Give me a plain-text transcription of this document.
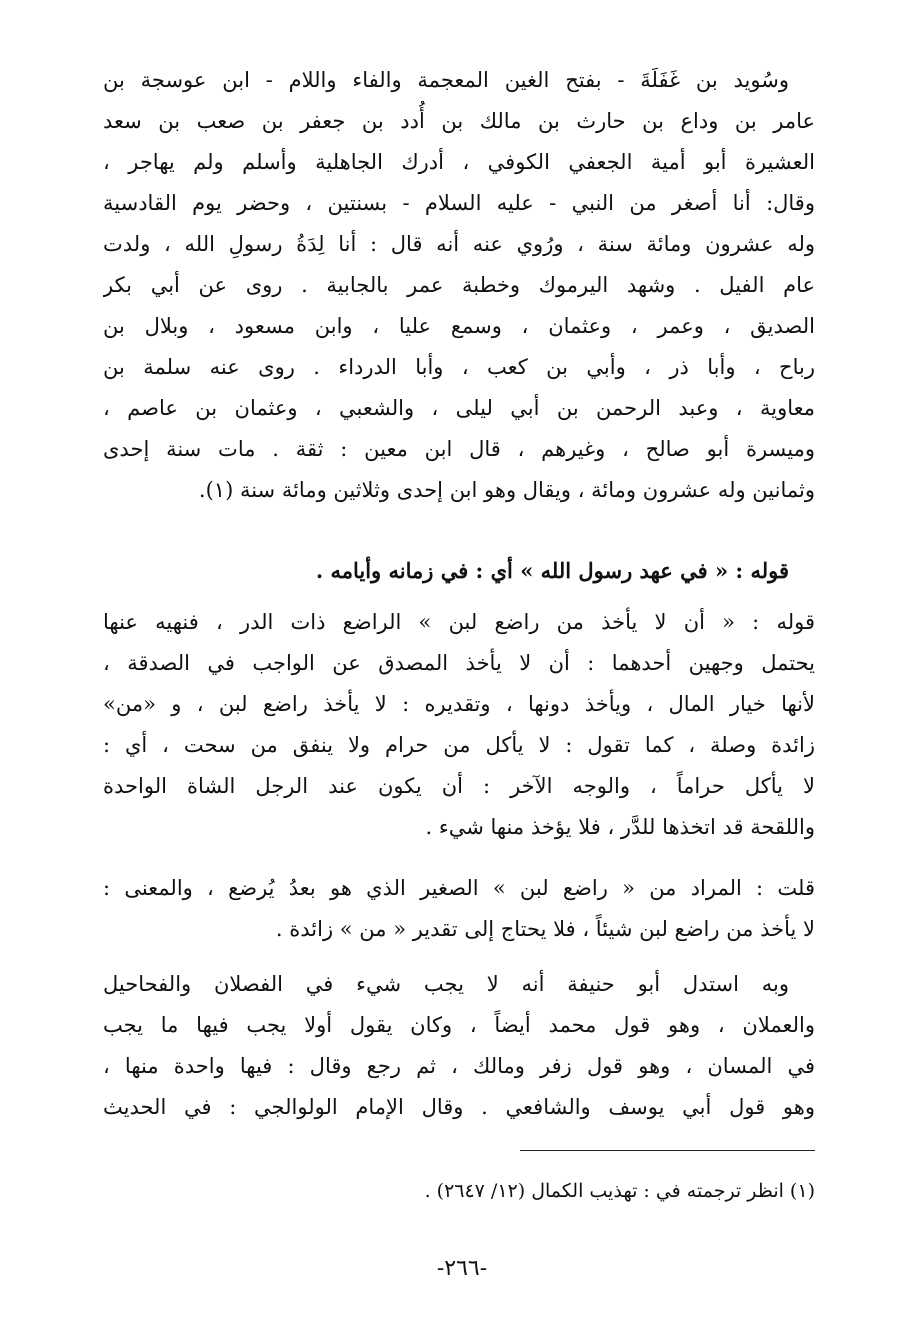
وسُويد بن غَفَلَةَ - بفتح الغين المعجمة والفاء واللام - ابن عوسجة بن
عامر بن وداع بن حارث بن مالك بن أُدد بن جعفر بن صعب بن سعد
العشيرة أبو أمية الجعفي الكوفي ، أدرك الجاهلية وأسلم ولم يهاجر ،
وقال: أنا أصغر من النبي - عليه السلام - بسنتين ، وحضر يوم القادسية
وله عشرون ومائة سنة ، ورُوي عنه أنه قال : أنا لِدَةُ رسولِ الله ، ولدت
عام الفيل . وشهد اليرموك وخطبة عمر بالجابية . روى عن أبي بكر
الصديق ، وعمر ، وعثمان ، وسمع عليا ، وابن مسعود ، وبلال بن
رباح ، وأبا ذر ، وأبي بن كعب ، وأبا الدرداء . روى عنه سلمة بن
معاوية ، وعبد الرحمن بن أبي ليلى ، والشعبي ، وعثمان بن عاصم ،
وميسرة أبو صالح ، وغيرهم ، قال ابن معين : ثقة . مات سنة إحدى
وثمانين وله عشرون ومائة ، ويقال وهو ابن إحدى وثلاثين ومائة سنة (١).
قوله : « في عهد رسول الله » أي : في زمانه وأيامه .
قوله : « أن لا يأخذ من راضع لبن » الراضع ذات الدر ، فنهيه عنها
يحتمل وجهين أحدهما : أن لا يأخذ المصدق عن الواجب في الصدقة ،
لأنها خيار المال ، ويأخذ دونها ، وتقديره : لا يأخذ راضع لبن ، و «من»
زائدة وصلة ، كما تقول : لا يأكل من حرام ولا ينفق من سحت ، أي :
لا يأكل حراماً ، والوجه الآخر : أن يكون عند الرجل الشاة الواحدة
واللقحة قد اتخذها للدَّر ، فلا يؤخذ منها شيء .
قلت : المراد من « راضع لبن » الصغير الذي هو بعدُ يُرضع ، والمعنى :
لا يأخذ من راضع لبن شيئاً ، فلا يحتاج إلى تقدير « من » زائدة .
وبه استدل أبو حنيفة أنه لا يجب شيء في الفصلان والفحاحيل
والعملان ، وهو قول محمد أيضاً ، وكان يقول أولا يجب فيها ما يجب
في المسان ، وهو قول زفر ومالك ، ثم رجع وقال : فيها واحدة منها ،
وهو قول أبي يوسف والشافعي . وقال الإمام الولوالجي : في الحديث
(١) انظر ترجمته في : تهذيب الكمال (١٢/ ٢٦٤٧) .
-٢٦٦-
